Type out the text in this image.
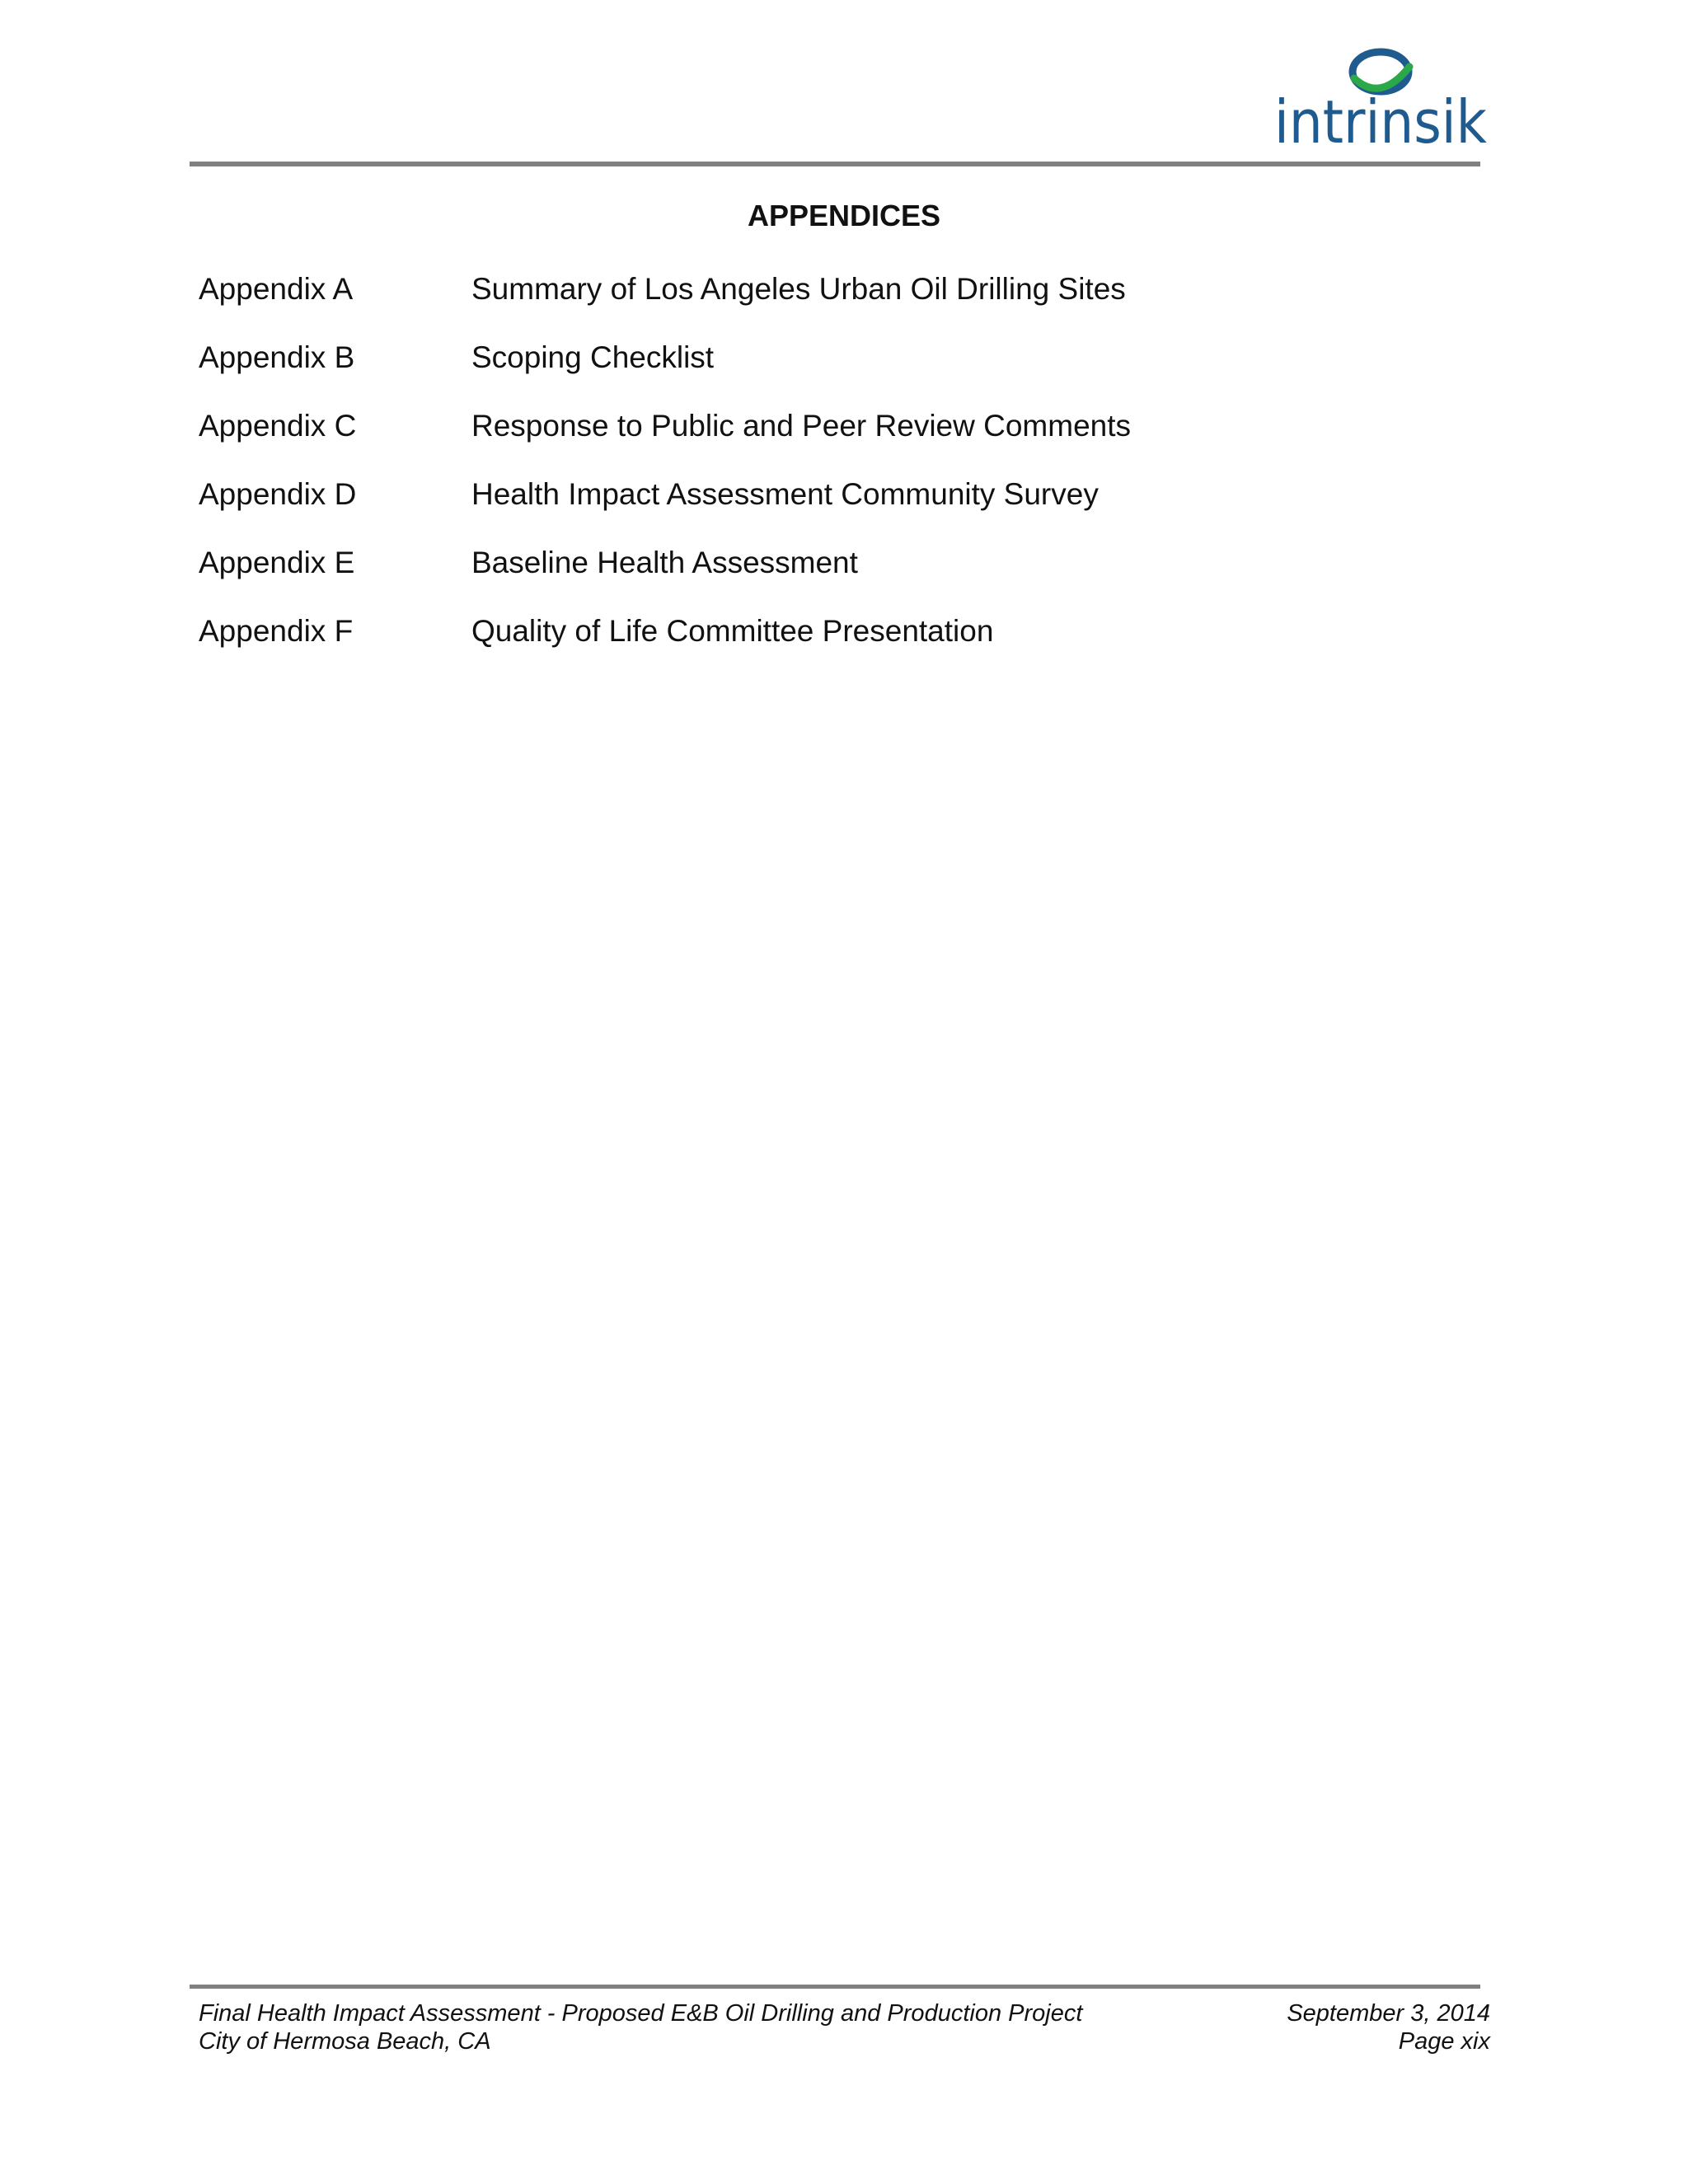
intrinsik
APPENDICES
Appendix A	Summary of Los Angeles Urban Oil Drilling Sites
Appendix B	Scoping Checklist
Appendix C	Response to Public and Peer Review Comments
Appendix D	Health Impact Assessment Community Survey
Appendix E	Baseline Health Assessment
Appendix F	Quality of Life Committee Presentation
Final Health Impact Assessment - Proposed E&B Oil Drilling and Production Project
City of Hermosa Beach, CA
September 3, 2014
Page xix
